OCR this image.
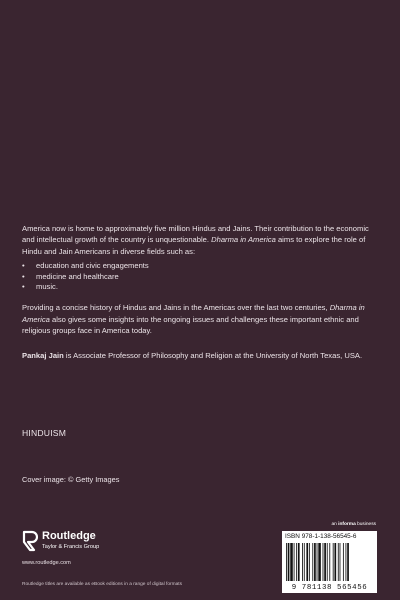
America now is home to approximately five million Hindus and Jains. Their contribution to the economic and intellectual growth of the country is unquestionable. Dharma in America aims to explore the role of Hindu and Jain Americans in diverse fields such as:

• education and civic engagements
• medicine and healthcare
• music.

Providing a concise history of Hindus and Jains in the Americas over the last two centuries, Dharma in America also gives some insights into the ongoing issues and challenges these important ethnic and religious groups face in America today.

Pankaj Jain is Associate Professor of Philosophy and Religion at the University of North Texas, USA.

HINDUISM
Cover image: © Getty Images
Routledge
Taylor & Francis Group
www.routledge.com
Routledge titles are available as eBook editions in a range of digital formats
an informa business
ISBN 978-1-138-56545-6
9 781138 565456
